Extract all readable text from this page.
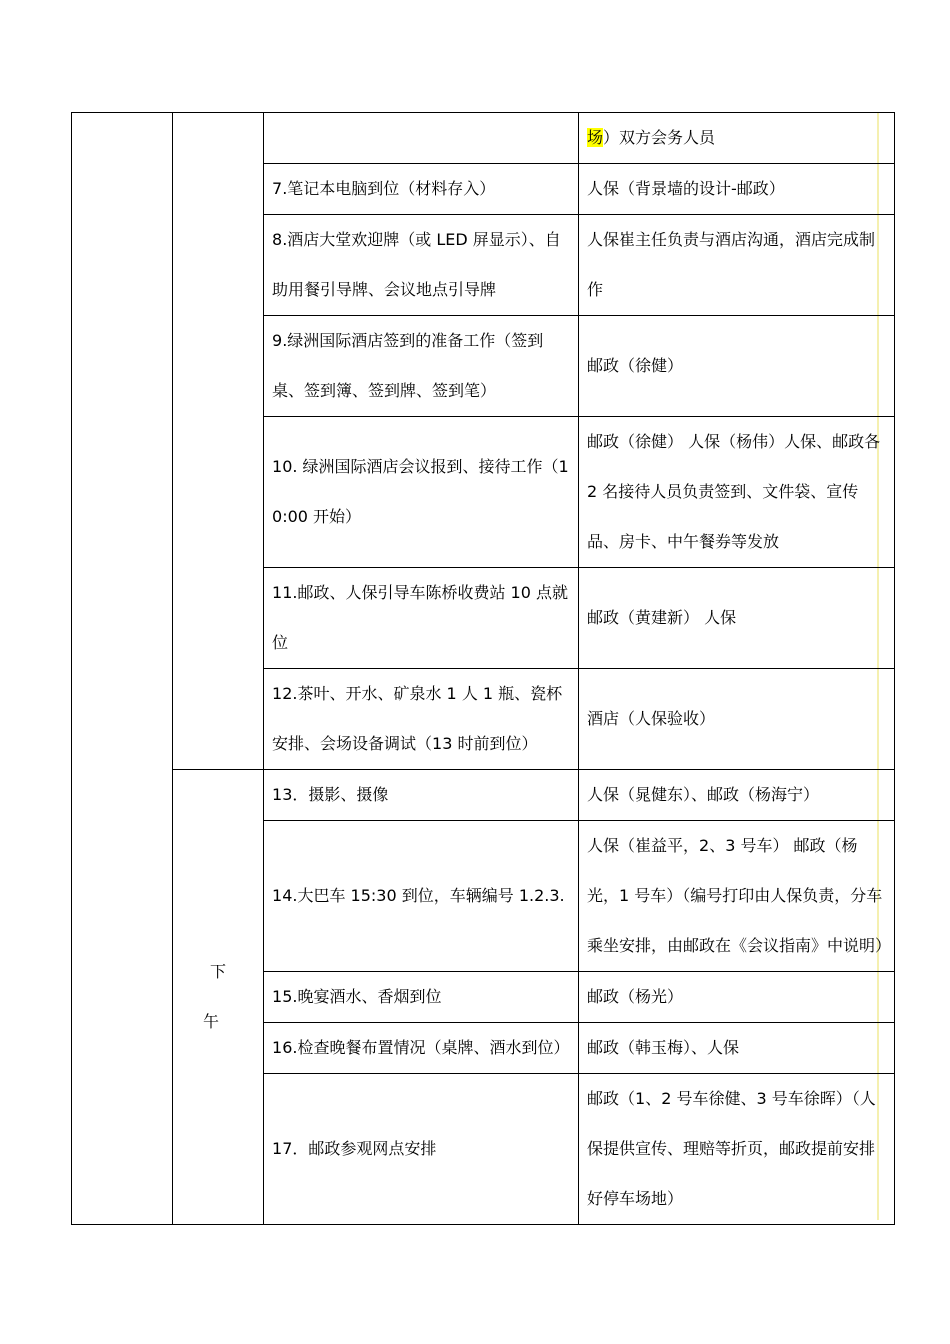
			场）双方会务人员
		7.笔记本电脑到位（材料存入）	人保（背景墙的设计-邮政）
		8.酒店大堂欢迎牌（或 LED 屏显示）、自助用餐引导牌、会议地点引导牌	人保崔主任负责与酒店沟通，酒店完成制作
		9.绿洲国际酒店签到的准备工作（签到桌、签到簿、签到牌、签到笔）	邮政（徐健）
		10. 绿洲国际酒店会议报到、接待工作（10:00 开始）	邮政（徐健） 人保（杨伟）人保、邮政各 2 名接待人员负责签到、文件袋、宣传品、房卡、中午餐券等发放
		11.邮政、人保引导车陈桥收费站 10 点就位	邮政（黄建新） 人保
		12.茶叶、开水、矿泉水 1 人 1 瓶、瓷杯安排、会场设备调试（13 时前到位）	酒店（人保验收）
	下　午	13．摄影、摄像	人保（晁健东）、邮政（杨海宁）
		14.大巴车 15:30 到位，车辆编号 1.2.3.	人保（崔益平，2、3 号车） 邮政（杨光，1 号车）（编号打印由人保负责，分车乘坐安排，由邮政在《会议指南》中说明）
		15.晚宴酒水、香烟到位	邮政（杨光）
		16.检查晚餐布置情况（桌牌、酒水到位）	邮政（韩玉梅）、人保
		17．邮政参观网点安排	邮政（1、2 号车徐健、3 号车徐晖）（人保提供宣传、理赔等折页，邮政提前安排好停车场地）
